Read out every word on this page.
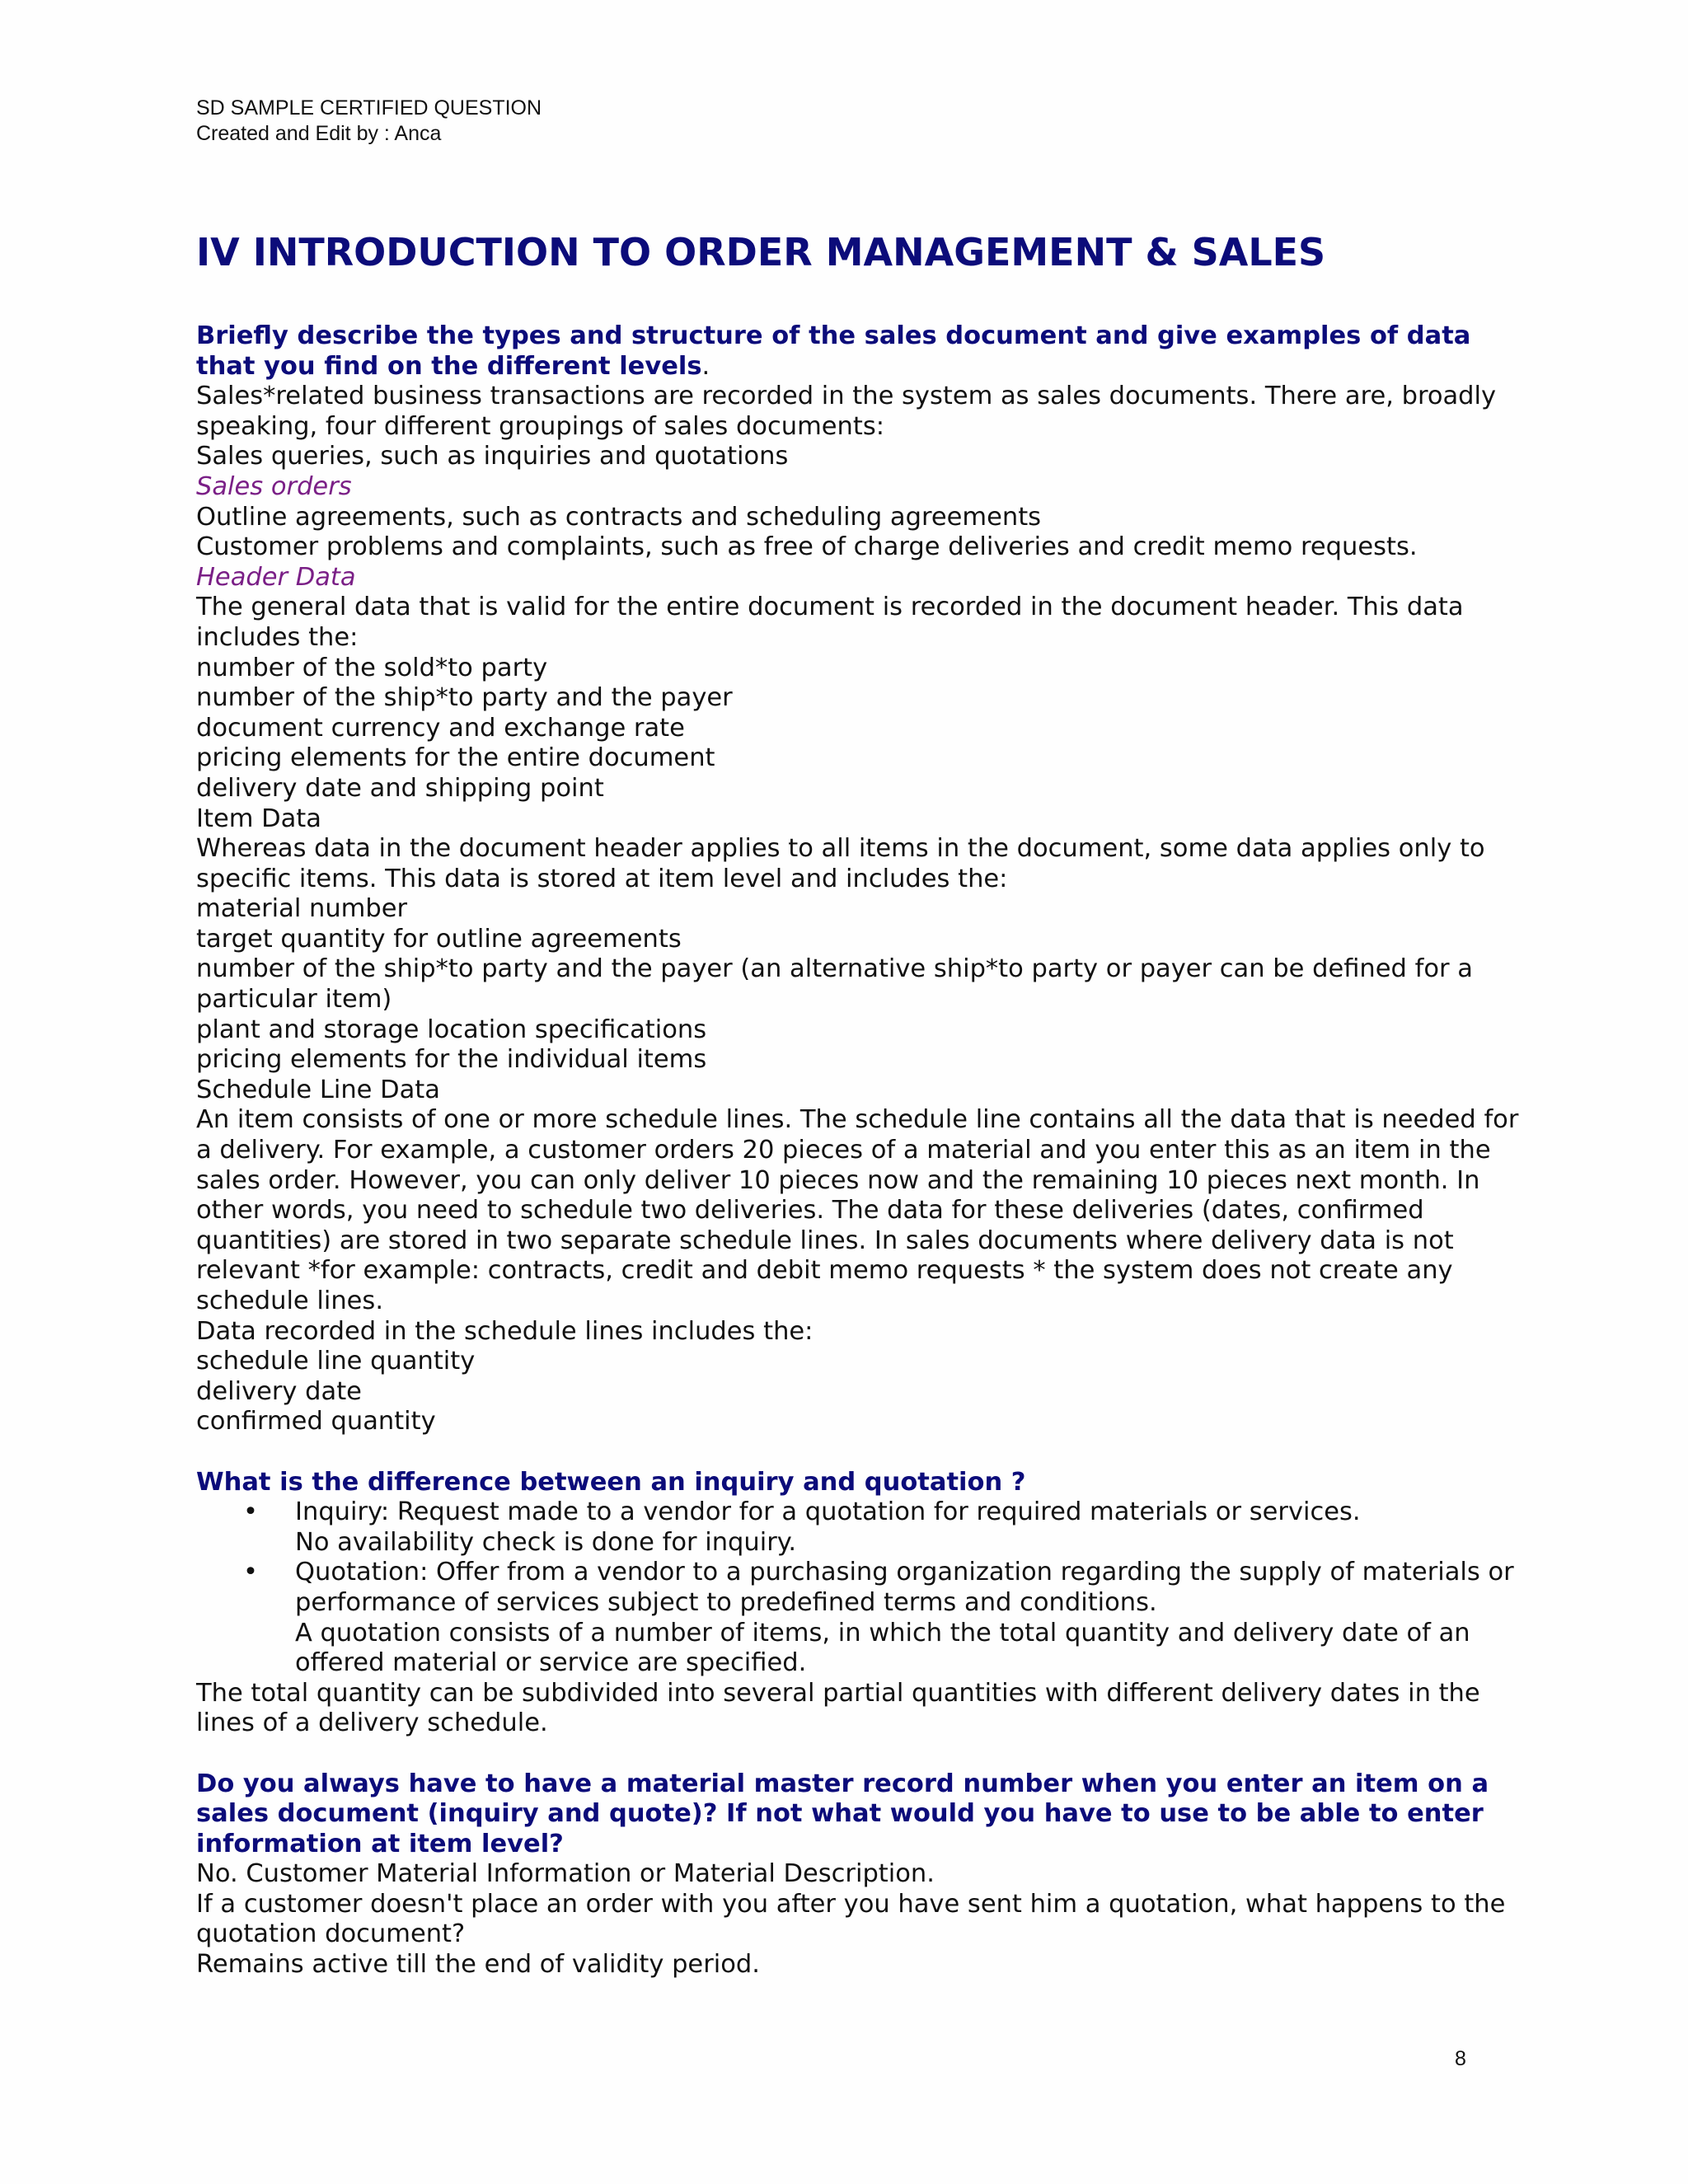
SD SAMPLE CERTIFIED QUESTION
Created and Edit by : Anca
IV INTRODUCTION TO ORDER MANAGEMENT & SALES

Briefly describe the types and structure of the sales document and give examples of data that you find on the different levels.

Sales*related business transactions are recorded in the system as sales documents. There are, broadly speaking, four different groupings of sales documents:

Sales queries, such as inquiries and quotations

Sales orders

Outline agreements, such as contracts and scheduling agreements

Customer problems and complaints, such as free of charge deliveries and credit memo requests.

Header Data

The general data that is valid for the entire document is recorded in the document header. This data includes the:

number of the sold*to party

number of the ship*to party and the payer

document currency and exchange rate

pricing elements for the entire document

delivery date and shipping point

Item Data

Whereas data in the document header applies to all items in the document, some data applies only to specific items. This data is stored at item level and includes the:

material number

target quantity for outline agreements

number of the ship*to party and the payer (an alternative ship*to party or payer can be defined for a particular item)

plant and storage location specifications

pricing elements for the individual items

Schedule Line Data

An item consists of one or more schedule lines. The schedule line contains all the data that is needed for a delivery. For example, a customer orders 20 pieces of a material and you enter this as an item in the sales order. However, you can only deliver 10 pieces now and the remaining 10 pieces next month. In other words, you need to schedule two deliveries. The data for these deliveries (dates, confirmed quantities) are stored in two separate schedule lines. In sales documents where delivery data is not relevant *for example: contracts, credit and debit memo requests * the system does not create any schedule lines.

Data recorded in the schedule lines includes the:

schedule line quantity

delivery date

confirmed quantity

What is the difference between an inquiry and quotation ?

• Inquiry: Request made to a vendor for a quotation for required materials or services.

No availability check is done for inquiry.

• Quotation: Offer from a vendor to a purchasing organization regarding the supply of materials or performance of services subject to predefined terms and conditions.

A quotation consists of a number of items, in which the total quantity and delivery date of an offered material or service are specified.

The total quantity can be subdivided into several partial quantities with different delivery dates in the lines of a delivery schedule.

Do you always have to have a material master record number when you enter an item on a sales document (inquiry and quote)? If not what would you have to use to be able to enter information at item level?

No. Customer Material Information or Material Description.

If a customer doesn't place an order with you after you have sent him a quotation, what happens to the quotation document?

Remains active till the end of validity period.

8
